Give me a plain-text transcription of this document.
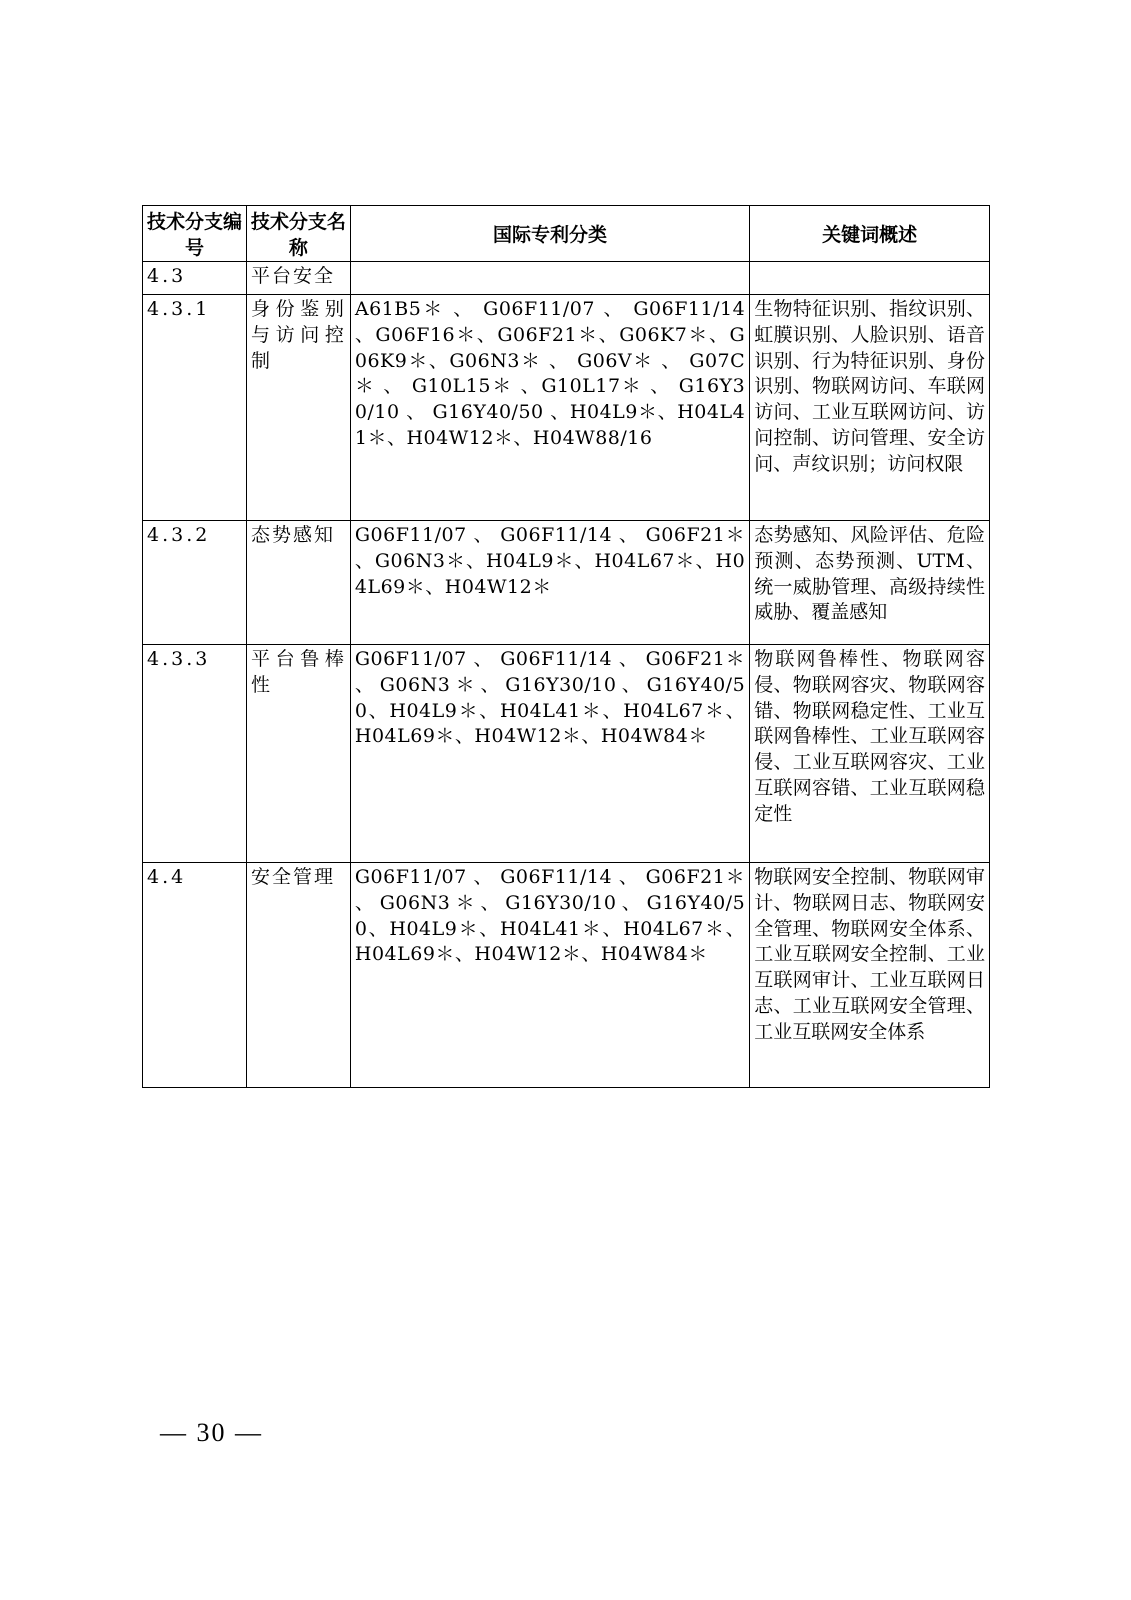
技术分支编号	技术分支名称	国际专利分类	关键词概述
4.3	平台安全		
4.3.1	身份鉴别与访问控制	A61B5＊ 、 G06F11/07 、 G06F11/14 、G06F16＊、G06F21＊、G06K7＊、G06K9＊、G06N3＊ 、 G06V＊ 、 G07C＊ 、 G10L15＊ 、G10L17＊ 、 G16Y30/10 、 G16Y40/50 、H04L9＊、H04L41＊、H04W12＊、H04W88/16	生物特征识别、指纹识别、虹膜识别、人脸识别、语音识别、行为特征识别、身份识别、物联网访问、车联网访问、工业互联网访问、访问控制、访问管理、安全访问、声纹识别；访问权限
4.3.2	态势感知	G06F11/07 、 G06F11/14 、 G06F21＊ 、G06N3＊、H04L9＊、H04L67＊、H04L69＊、H04W12＊	态势感知、风险评估、危险预测、态势预测、UTM、统一威胁管理、高级持续性威胁、覆盖感知
4.3.3	平台鲁棒性	G06F11/07 、 G06F11/14 、 G06F21＊ 、G06N3＊、G16Y30/10、G16Y40/50、H04L9＊、H04L41＊、H04L67＊、H04L69＊、H04W12＊、H04W84＊	物联网鲁棒性、物联网容侵、物联网容灾、物联网容错、物联网稳定性、工业互联网鲁棒性、工业互联网容侵、工业互联网容灾、工业互联网容错、工业互联网稳定性
4.4	安全管理	G06F11/07 、 G06F11/14 、 G06F21＊ 、G06N3＊、G16Y30/10、G16Y40/50、H04L9＊、H04L41＊、H04L67＊、H04L69＊、H04W12＊、H04W84＊	物联网安全控制、物联网审计、物联网日志、物联网安全管理、物联网安全体系、工业互联网安全控制、工业互联网审计、工业互联网日志、工业互联网安全管理、工业互联网安全体系
— 30 —
